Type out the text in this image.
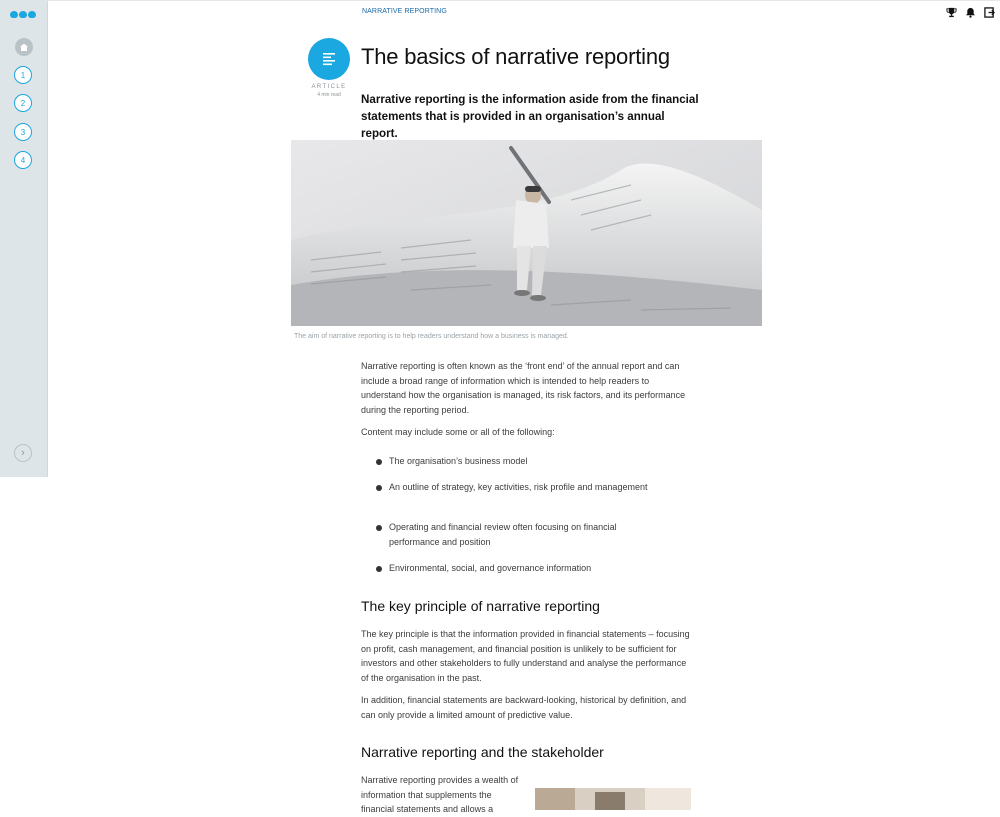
1
2
3
4
›
NARRATIVE REPORTING
ARTICLE
4 min read
The basics of narrative reporting

Narrative reporting is the information aside from the financial statements that is provided in an organisation’s annual report.

The aim of narrative reporting is to help readers understand how a business is managed.

Narrative reporting is often known as the ‘front end’ of the annual report and can include a broad range of information which is intended to help readers to understand how the organisation is managed, its risk factors, and its performance during the reporting period.

Content may include some or all of the following:

The organisation’s business model
An outline of strategy, key activities, risk profile and management
Operating and financial review often focusing on financial performance and position
Environmental, social, and governance information
The key principle of narrative reporting

The key principle is that the information provided in financial statements – focusing on profit, cash management, and financial position is unlikely to be sufficient for investors and other stakeholders to fully understand and analyse the performance of the organisation in the past.

In addition, financial statements are backward-looking, historical by definition, and can only provide a limited amount of predictive value.

Narrative reporting and the stakeholder

Narrative reporting provides a wealth of information that supplements the financial statements and allows a
